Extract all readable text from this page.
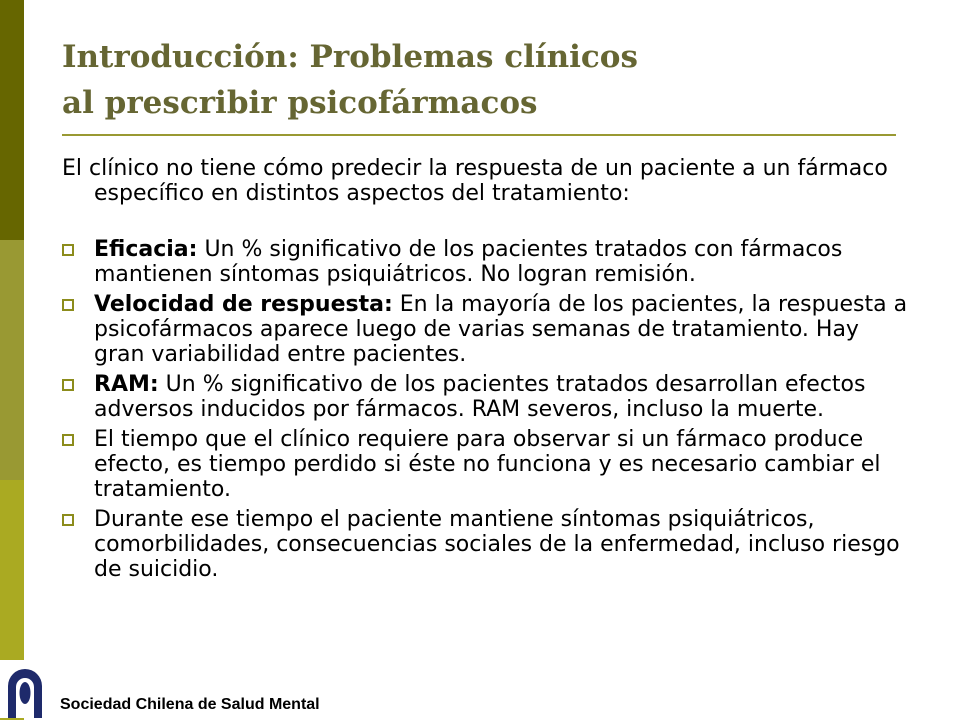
Introducción: Problemas clínicos
al prescribir psicofármacos

El clínico no tiene cómo predecir la respuesta de un paciente a un fármaco específico en distintos aspectos del tratamiento:

Eficacia: Un % significativo de los pacientes tratados con fármacos mantienen síntomas psiquiátricos. No logran remisión.
Velocidad de respuesta: En la mayoría de los pacientes, la respuesta a psicofármacos aparece luego de varias semanas de tratamiento. Hay gran variabilidad entre pacientes.
RAM: Un % significativo de los pacientes tratados desarrollan efectos adversos inducidos por fármacos. RAM severos, incluso la muerte.
El tiempo que el clínico requiere para observar si un fármaco produce efecto, es tiempo perdido si éste no funciona y es necesario cambiar el tratamiento.
Durante ese tiempo el paciente mantiene síntomas psiquiátricos, comorbilidades, consecuencias sociales de la enfermedad, incluso riesgo de suicidio.
Sociedad Chilena de Salud Mental
